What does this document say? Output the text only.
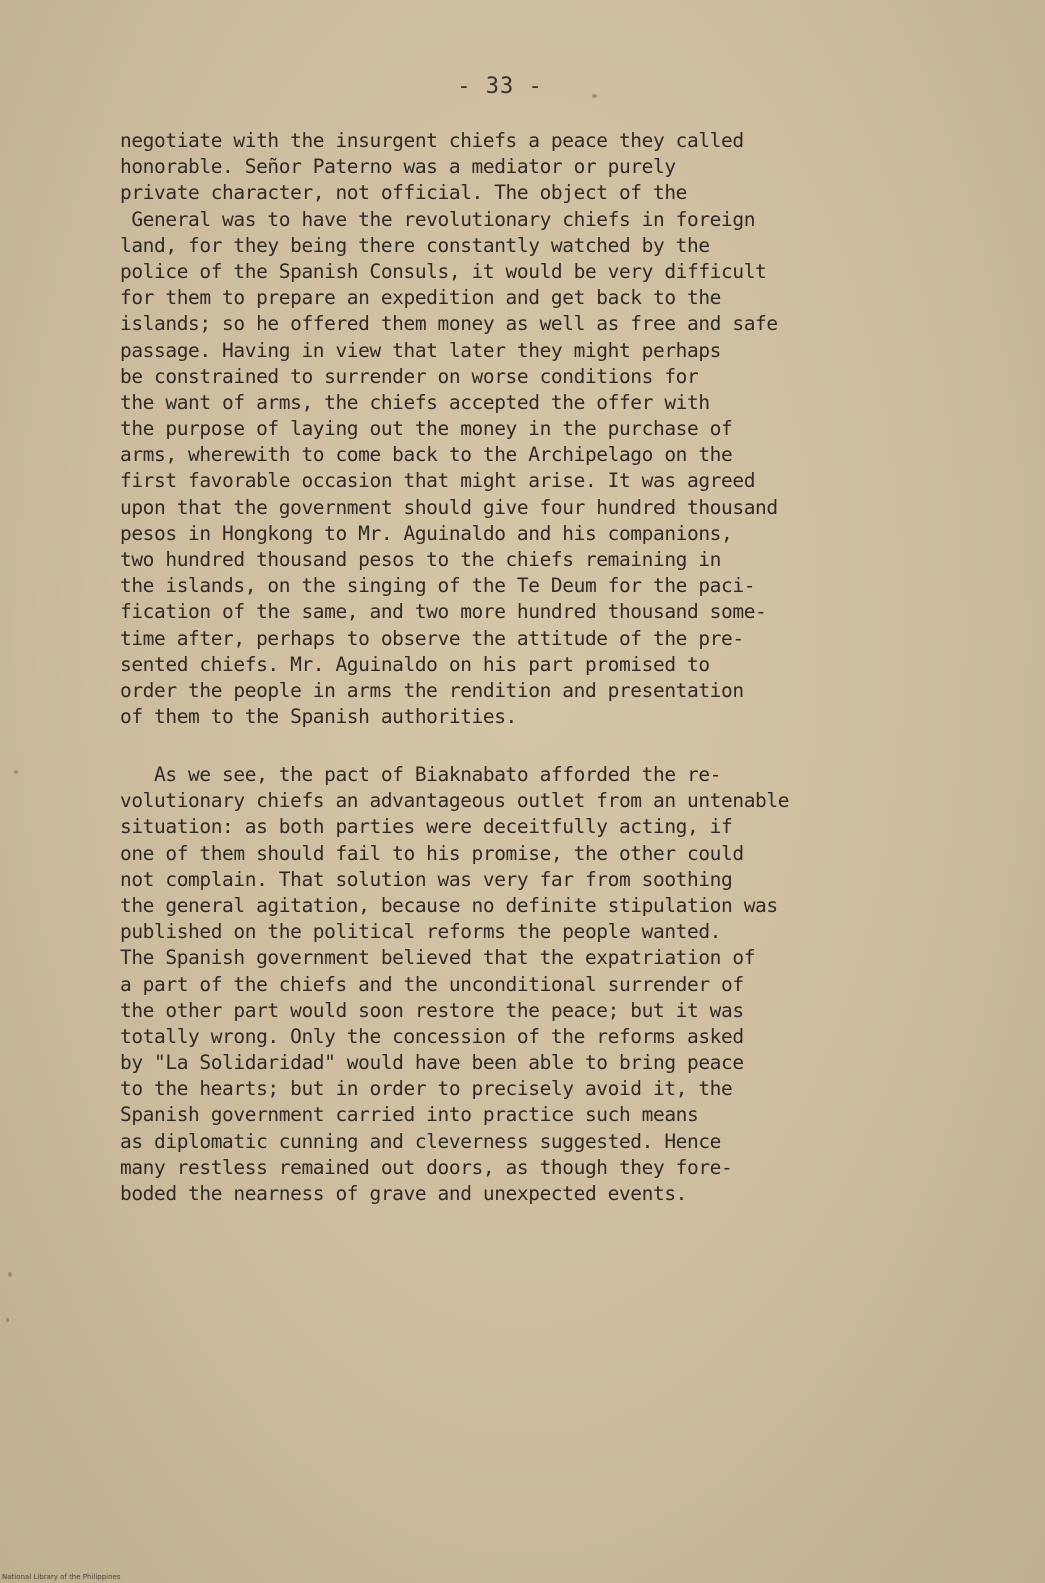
- 33 -
negotiate with the insurgent chiefs a peace they called
honorable. Señor Paterno was a mediator or purely
private character, not official. The object of the
General was to have the revolutionary chiefs in foreign
land, for they being there constantly watched by the
police of the Spanish Consuls, it would be very difficult
for them to prepare an expedition and get back to the
islands; so he offered them money as well as free and safe
passage. Having in view that later they might perhaps
be constrained to surrender on worse conditions for
the want of arms, the chiefs accepted the offer with
the purpose of laying out the money in the purchase of
arms, wherewith to come back to the Archipelago on the
first favorable occasion that might arise. It was agreed
upon that the government should give four hundred thousand
pesos in Hongkong to Mr. Aguinaldo and his companions,
two hundred thousand pesos to the chiefs remaining in
the islands, on the singing of the Te Deum for the paci-
fication of the same, and two more hundred thousand some-
time after, perhaps to observe the attitude of the pre-
sented chiefs. Mr. Aguinaldo on his part promised to
order the people in arms the rendition and presentation
of them to the Spanish authorities.
As we see, the pact of Biaknabato afforded the re-
volutionary chiefs an advantageous outlet from an untenable
situation: as both parties were deceitfully acting, if
one of them should fail to his promise, the other could
not complain. That solution was very far from soothing
the general agitation, because no definite stipulation was
published on the political reforms the people wanted.
The Spanish government believed that the expatriation of
a part of the chiefs and the unconditional surrender of
the other part would soon restore the peace; but it was
totally wrong. Only the concession of the reforms asked
by "La Solidaridad" would have been able to bring peace
to the hearts; but in order to precisely avoid it, the
Spanish government carried into practice such means
as diplomatic cunning and cleverness suggested. Hence
many restless remained out doors, as though they fore-
boded the nearness of grave and unexpected events.
National Library of the Philippines
